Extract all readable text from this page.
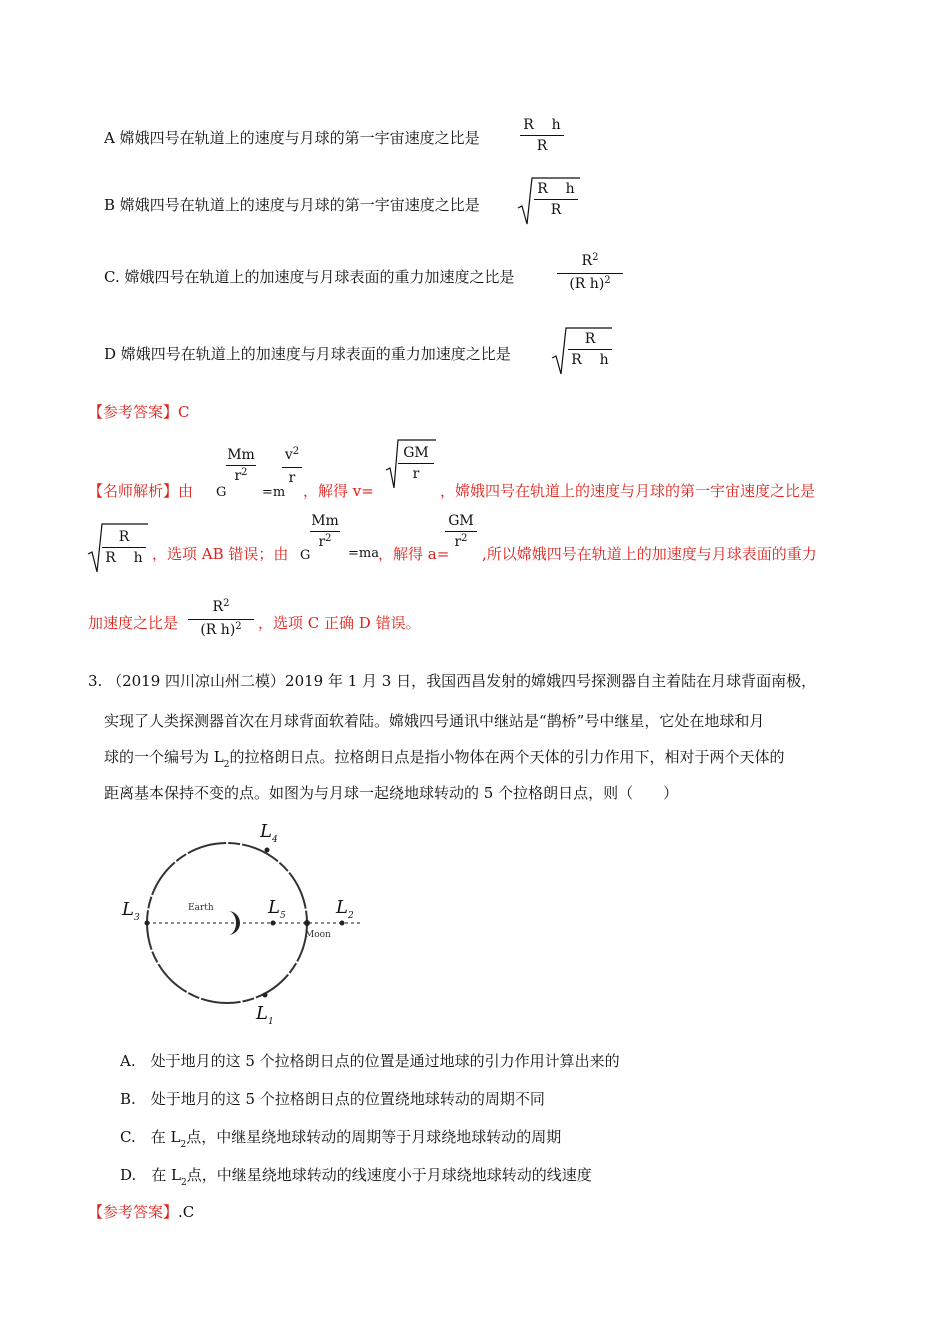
A 嫦娥四号在轨道上的速度与月球的第一宇宙速度之比是
R h
R
B 嫦娥四号在轨道上的速度与月球的第一宇宙速度之比是
R h
R
C. 嫦娥四号在轨道上的加速度与月球表面的重力加速度之比是
$R^2$
(R h)$^2$
D 嫦娥四号在轨道上的加速度与月球表面的重力加速度之比是
R
R h
【参考答案】C
【名师解析】由 G
Mm
$r^2$
=m
$v^2$
r
，解得 v=
GM
r
，嫦娥四号在轨道上的速度与月球的第一宇宙速度之比是
R
R h ，选项 AB 错误；由 G
Mm
$r^2$
=ma ，解得 a=
GM
$r^2$
,所以嫦娥四号在轨道上的加速度与月球表面的重力
加速度之比是
$R^2$
(R h)$^2$	，选项 C 正确 D 错误。
3. （2019 四川凉山州二模）2019 年 1 月 3 日，我国西昌发射的嫦娥四号探测器自主着陆在月球背面南极，
实现了人类探测器首次在月球背面软着陆。嫦娥四号通讯中继站是“鹊桥”号中继星，它处在地球和月
球的一个编号为 $L_2$的拉格朗日点。拉格朗日点是指小物体在两个天体的引力作用下，相对于两个天体的
距离基本保持不变的点。如图为与月球一起绕地球转动的 5 个拉格朗日点，则（　　）
$L_3$
$L_4$
$L_5$	$L_2$
$L_1$
Earth
Moon
A.　处于地月的这 5 个拉格朗日点的位置是通过地球的引力作用计算出来的
B.　处于地月的这 5 个拉格朗日点的位置绕地球转动的周期不同
C.　在 $L_2$点，中继星绕地球转动的周期等于月球绕地球转动的周期
D.　在 $L_2$点，中继星绕地球转动的线速度小于月球绕地球转动的线速度
【参考答案】.C
